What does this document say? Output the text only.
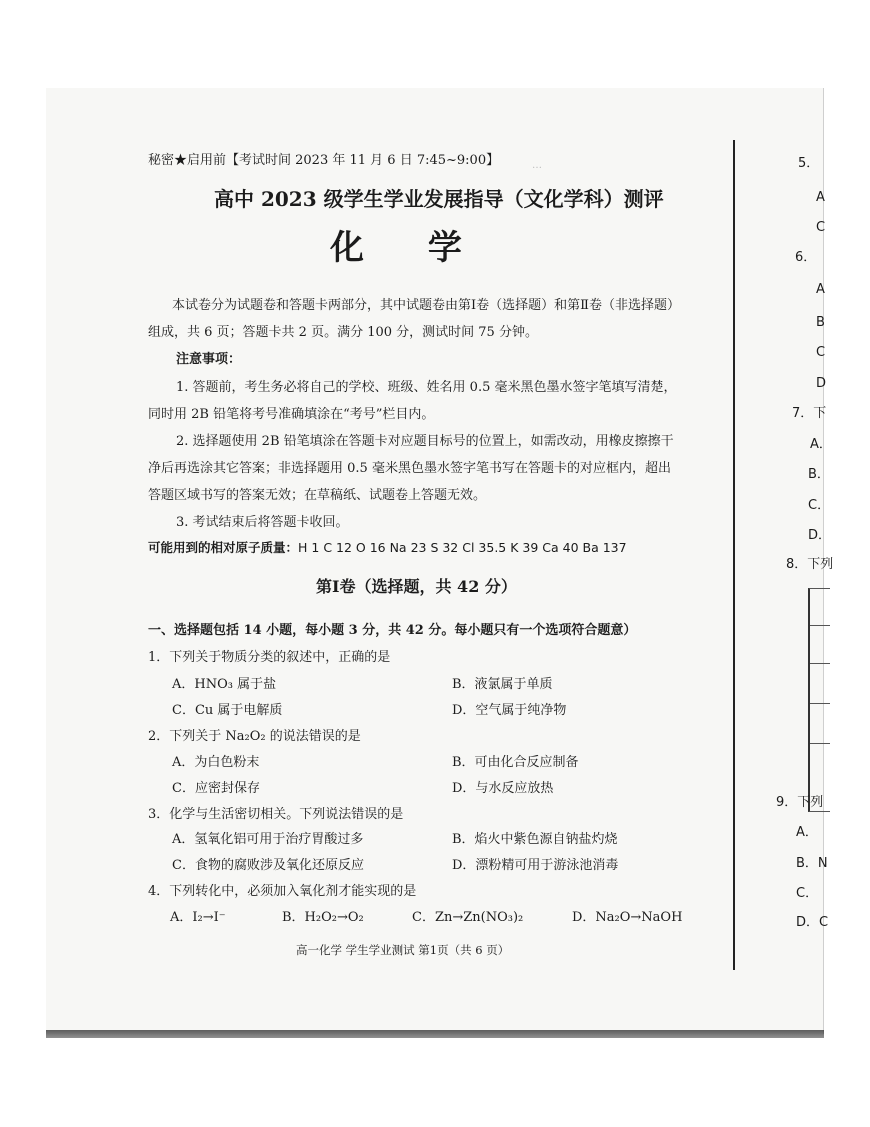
…
秘密★启用前【考试时间 2023 年 11 月 6 日 7:45~9:00】
高中 2023 级学生学业发展指导（文化学科）测评
化 学
本试卷分为试题卷和答题卡两部分，其中试题卷由第Ⅰ卷（选择题）和第Ⅱ卷（非选择题）
组成，共 6 页；答题卡共 2 页。满分 100 分，测试时间 75 分钟。
注意事项：
1. 答题前，考生务必将自己的学校、班级、姓名用 0.5 毫米黑色墨水签字笔填写清楚，
同时用 2B 铅笔将考号准确填涂在“考号”栏目内。
2. 选择题使用 2B 铅笔填涂在答题卡对应题目标号的位置上，如需改动，用橡皮擦擦干
净后再选涂其它答案；非选择题用 0.5 毫米黑色墨水签字笔书写在答题卡的对应框内，超出
答题区域书写的答案无效；在草稿纸、试题卷上答题无效。
3. 考试结束后将答题卡收回。
可能用到的相对原子质量：H 1 C 12 O 16 Na 23 S 32 Cl 35.5 K 39 Ca 40 Ba 137
第Ⅰ卷（选择题，共 42 分）
一、选择题包括 14 小题，每小题 3 分，共 42 分。每小题只有一个选项符合题意）
1．下列关于物质分类的叙述中，正确的是
A．HNO₃ 属于盐	B．液氯属于单质
C．Cu 属于电解质	D．空气属于纯净物
2．下列关于 Na₂O₂ 的说法错误的是
A．为白色粉末	B．可由化合反应制备
C．应密封保存	D．与水反应放热
3．化学与生活密切相关。下列说法错误的是
A．氢氧化铝可用于治疗胃酸过多	B．焰火中紫色源自钠盐灼烧
C．食物的腐败涉及氧化还原反应	D．漂粉精可用于游泳池消毒
4．下列转化中，必须加入氧化剂才能实现的是
A．I₂→I⁻	B．H₂O₂→O₂	C．Zn→Zn(NO₃)₂	D．Na₂O→NaOH
高一化学 学生学业测试 第1页（共 6 页）
5．
A
C
6．
A
B
C
D
7．下
A．
B．
C．
D．
8．下列
9．下列
A．
B．N
C．
D．C
